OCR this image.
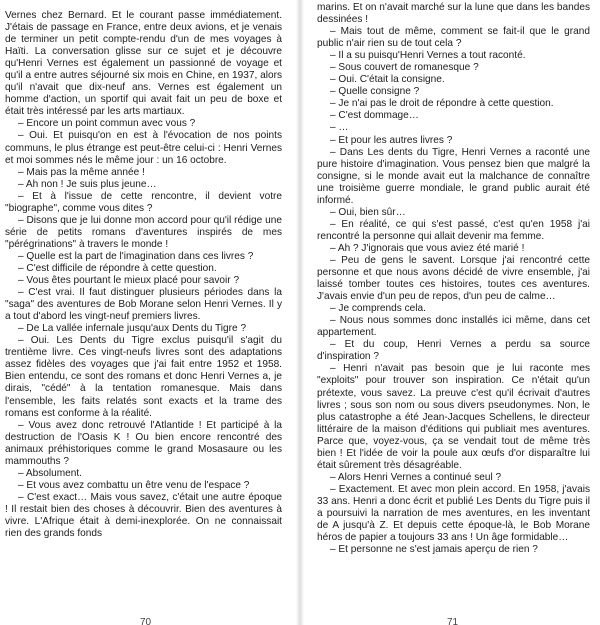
Vernes chez Bernard. Et le courant passe immédiatement. J'étais de passage en France, entre deux avions, et je venais de terminer un petit compte-rendu d'un de mes voyages à Haïti. La conversation glisse sur ce sujet et je découvre qu'Henri Vernes est également un passionné de voyage et qu'il a entre autres séjourné six mois en Chine, en 1937, alors qu'il n'avait que dix-neuf ans. Vernes est également un homme d'action, un sportif qui avait fait un peu de boxe et était très intéressé par les arts martiaux.

– Encore un point commun avec vous ?

– Oui. Et puisqu'on en est à l'évocation de nos points communs, le plus étrange est peut-être celui-ci : Henri Vernes et moi sommes nés le même jour : un 16 octobre.

– Mais pas la même année !

– Ah non ! Je suis plus jeune…

– Et à l'issue de cette rencontre, il devient votre "biographe", comme vous dites ?

– Disons que je lui donne mon accord pour qu'il rédige une série de petits romans d'aventures inspirés de mes "pérégrinations" à travers le monde !

– Quelle est la part de l'imagination dans ces livres ?

– C'est difficile de répondre à cette question.

– Vous êtes pourtant le mieux placé pour savoir ?

– C'est vrai. Il faut distinguer plusieurs périodes dans la "saga" des aventures de Bob Morane selon Henri Vernes. Il y a tout d'abord les vingt-neuf premiers livres.

– De La vallée infernale jusqu'aux Dents du Tigre ?

– Oui. Les Dents du Tigre exclus puisqu'il s'agit du trentième livre. Ces vingt-neufs livres sont des adaptations assez fidèles des voyages que j'ai fait entre 1952 et 1958. Bien entendu, ce sont des romans et donc Henri Vernes a, je dirais, "cédé" à la tentation romanesque. Mais dans l'ensemble, les faits relatés sont exacts et la trame des romans est conforme à la réalité.

– Vous avez donc retrouvé l'Atlantide ! Et participé à la destruction de l'Oasis K ! Ou bien encore rencontré des animaux préhistoriques comme le grand Mosasaure ou les mammouths ?

– Absolument.

– Et vous avez combattu un être venu de l'espace ?

– C'est exact… Mais vous savez, c'était une autre époque ! Il restait bien des choses à découvrir. Bien des aventures à vivre. L'Afrique était à demi-inexplorée. On ne connaissait rien des grands fonds

70

marins. Et on n'avait marché sur la lune que dans les bandes dessinées !

– Mais tout de même, comment se fait-il que le grand public n'air rien su de tout cela ?

– Il a su puisqu'Henri Vernes a tout raconté.

– Sous couvert de romanesque ?

– Oui. C'était la consigne.

– Quelle consigne ?

– Je n'ai pas le droit de répondre à cette question.

– C'est dommage…

– …

– Et pour les autres livres ?

– Dans Les dents du Tigre, Henri Vernes a raconté une pure histoire d'imagination. Vous pensez bien que malgré la consigne, si le monde avait eut la malchance de connaître une troisième guerre mondiale, le grand public aurait été informé.

– Oui, bien sûr…

– En réalité, ce qui s'est passé, c'est qu'en 1958 j'ai rencontré la personne qui allait devenir ma femme.

– Ah ? J'ignorais que vous aviez été marié !

– Peu de gens le savent. Lorsque j'ai rencontré cette personne et que nous avons décidé de vivre ensemble, j'ai laissé tomber toutes ces histoires, toutes ces aventures. J'avais envie d'un peu de repos, d'un peu de calme…

– Je comprends cela.

– Nous nous sommes donc installés ici même, dans cet appartement.

– Et du coup, Henri Vernes a perdu sa source d'inspiration ?

– Henri n'avait pas besoin que je lui raconte mes "exploits" pour trouver son inspiration. Ce n'était qu'un prétexte, vous savez. La preuve c'est qu'il écrivait d'autres livres ; sous son nom ou sous divers pseudonymes. Non, le plus catastrophe a été Jean-Jacques Schellens, le directeur littéraire de la maison d'éditions qui publiait mes aventures. Parce que, voyez-vous, ça se vendait tout de même très bien ! Et l'idée de voir la poule aux œufs d'or disparaître lui était sûrement très désagréable.

– Alors Henri Vernes a continué seul ?

– Exactement. Et avec mon plein accord. En 1958, j'avais 33 ans. Henri a donc écrit et publié Les Dents du Tigre puis il a poursuivi la narration de mes aventures, en les inventant de A jusqu'à Z. Et depuis cette époque-là, le Bob Morane héros de papier a toujours 33 ans ! Un âge formidable…

– Et personne ne s'est jamais aperçu de rien ?

71
